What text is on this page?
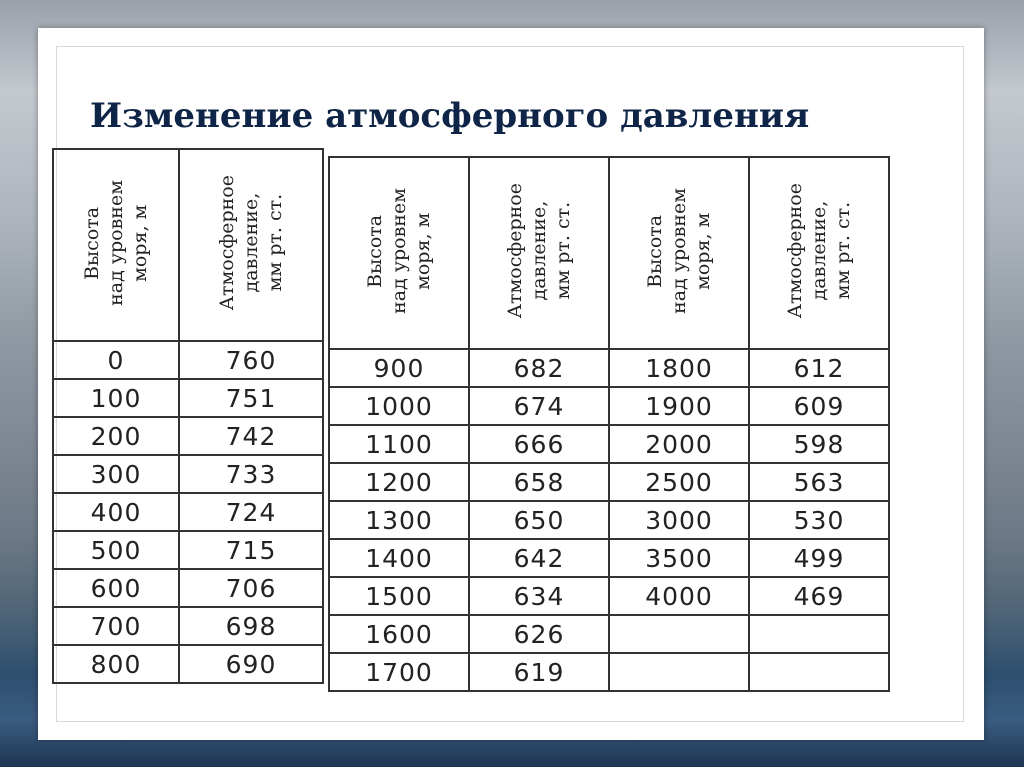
Изменение атмосферного давления
Высота над уровнем моря, м	Атмосферное давление, мм рт. ст.

0	760
100	751
200	742
300	733
400	724
500	715
600	706
700	698
800	690
Высота над уровнем моря, м	Атмосферное давление, мм рт. ст.	Высота над уровнем моря, м	Атмосферное давление, мм рт. ст.

900	682	1800	612
1000	674	1900	609
1100	666	2000	598
1200	658	2500	563
1300	650	3000	530
1400	642	3500	499
1500	634	4000	469
1600	626		
1700	619		
